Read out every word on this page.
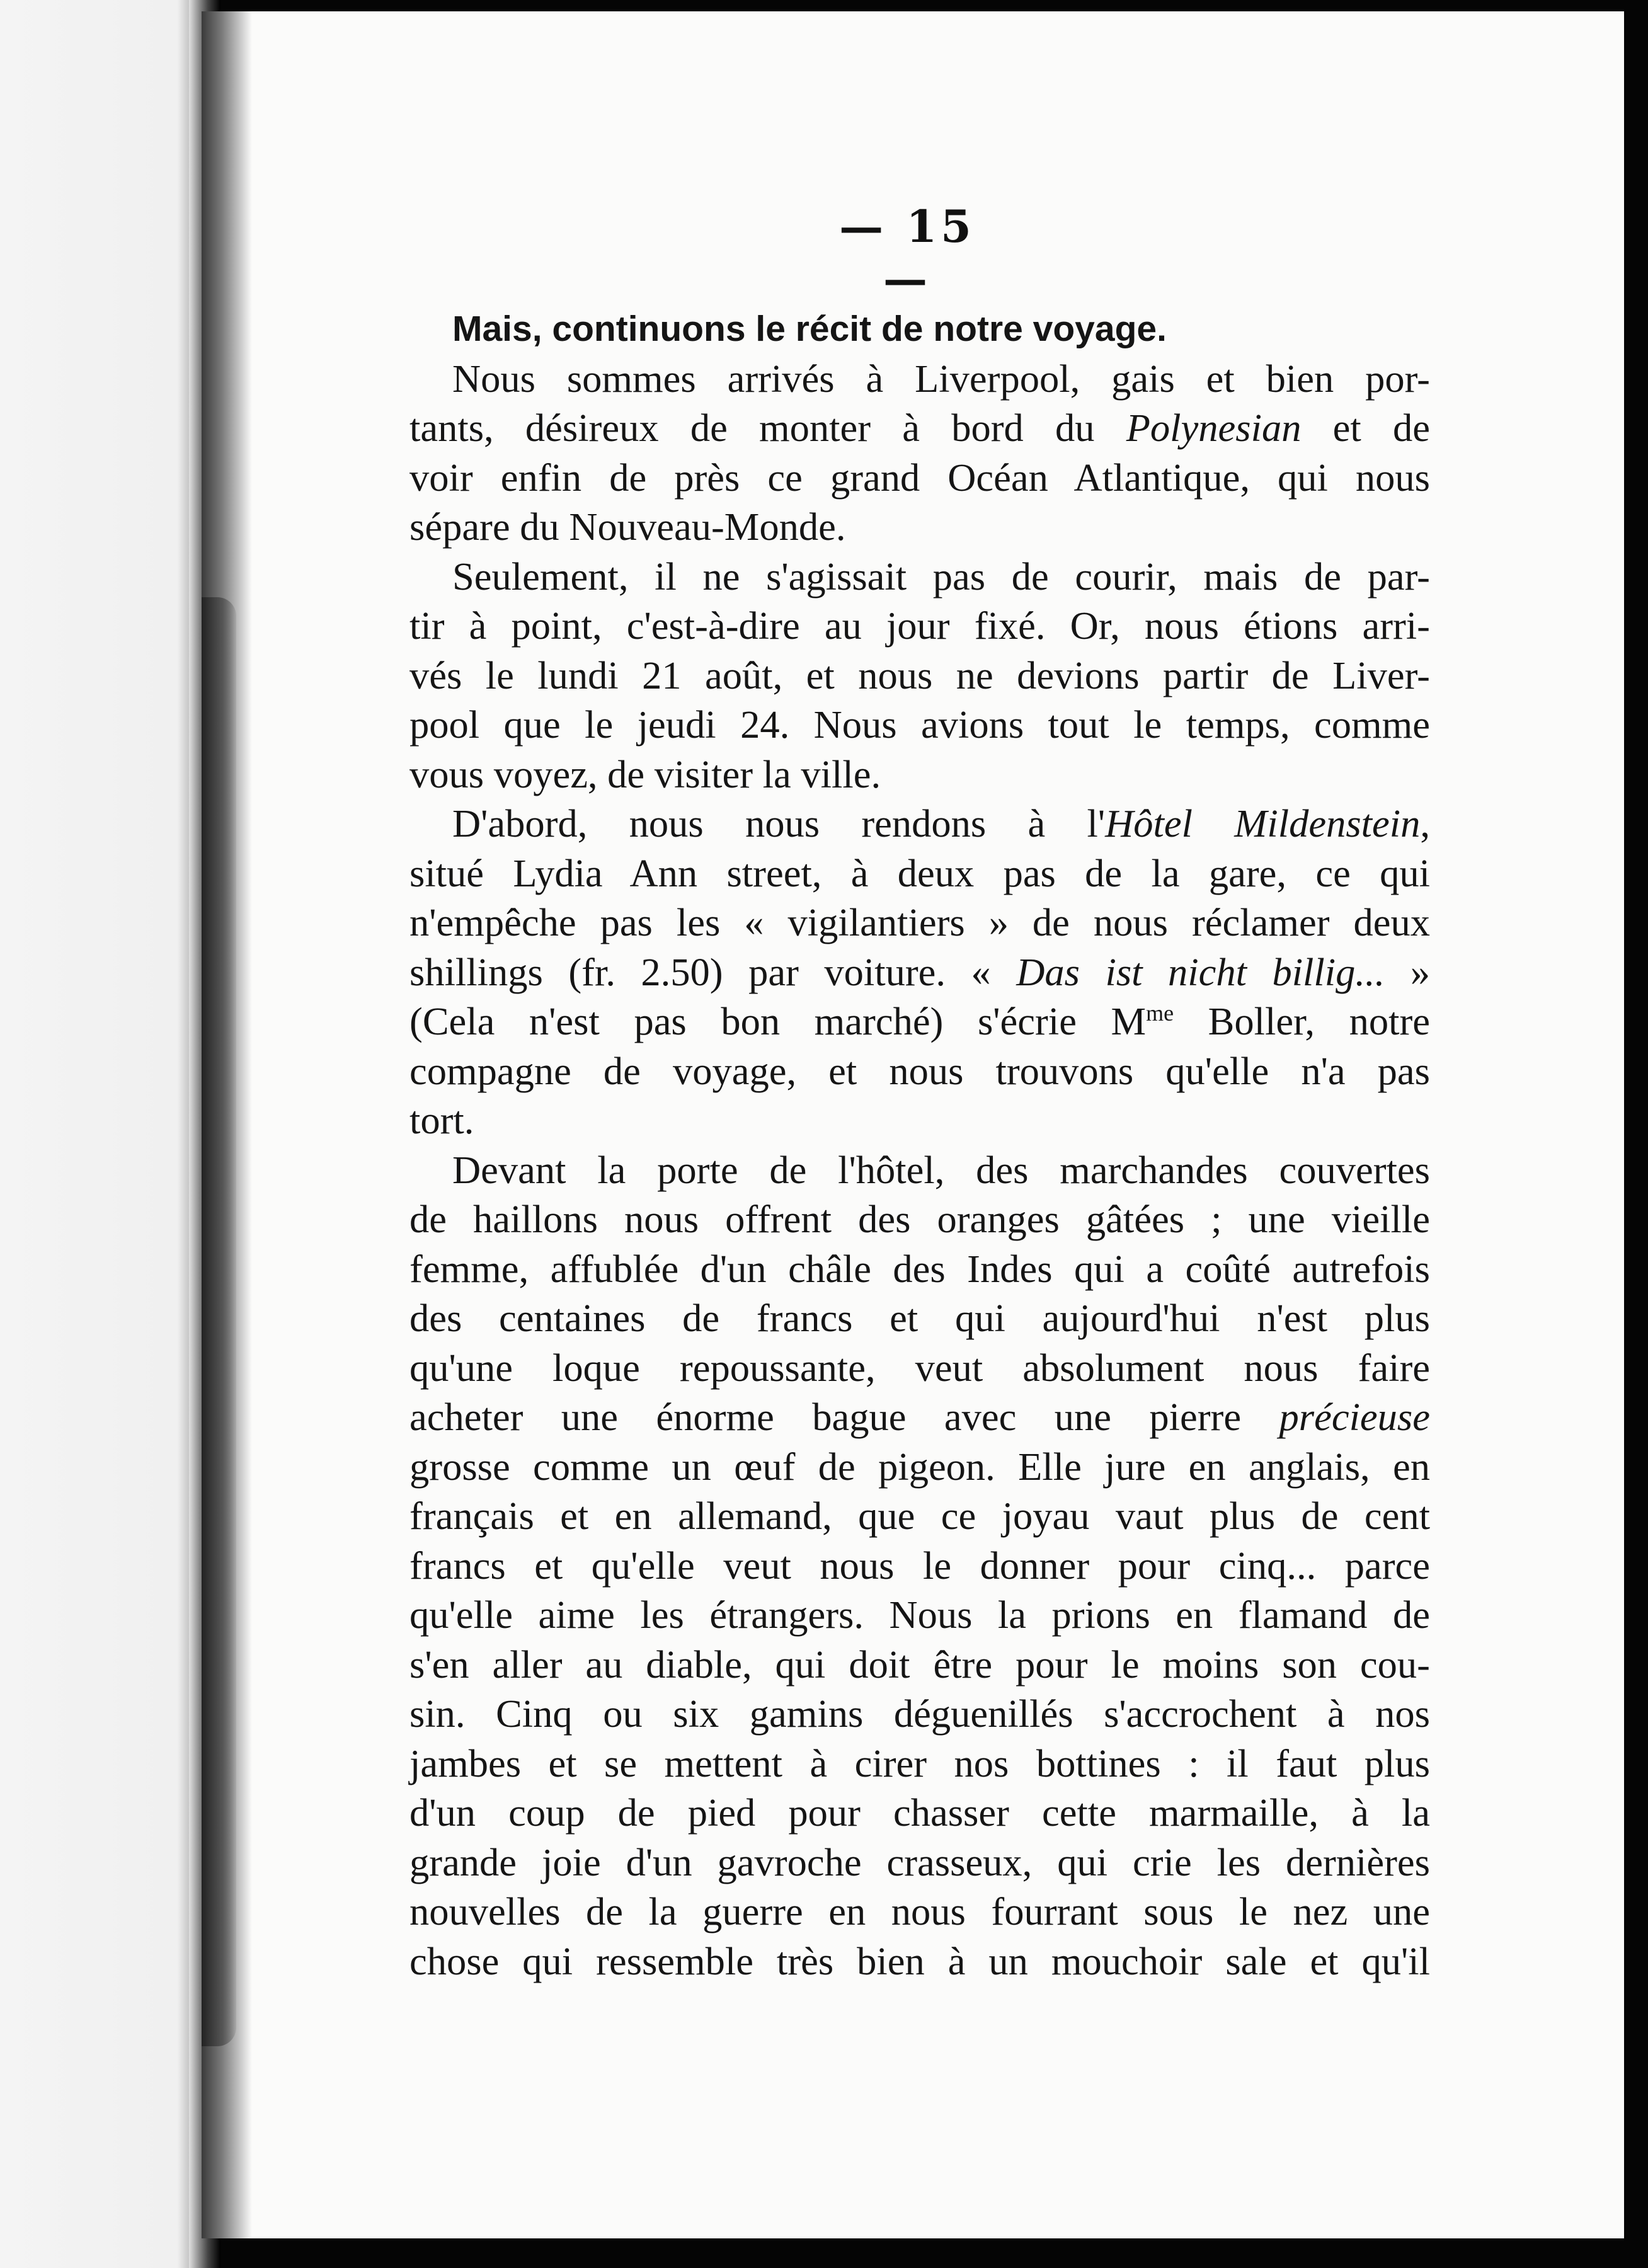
— 15 —
Mais, continuons le récit de notre voyage.
Nous sommes arrivés à Liverpool, gais et bien por-
tants, désireux de monter à bord du Polynesian et de
voir enfin de près ce grand Océan Atlantique, qui nous
sépare du Nouveau-Monde.
Seulement, il ne s'agissait pas de courir, mais de par-
tir à point, c'est-à-dire au jour fixé. Or, nous étions arri-
vés le lundi 21 août, et nous ne devions partir de Liver-
pool que le jeudi 24. Nous avions tout le temps, comme
vous voyez, de visiter la ville.
D'abord, nous nous rendons à l'Hôtel Mildenstein,
situé Lydia Ann street, à deux pas de la gare, ce qui
n'empêche pas les « vigilantiers » de nous réclamer deux
shillings (fr. 2.50) par voiture. « Das ist nicht billig... »
(Cela n'est pas bon marché) s'écrie $M^{me}$ Boller, notre
compagne de voyage, et nous trouvons qu'elle n'a pas
tort.
Devant la porte de l'hôtel, des marchandes couvertes
de haillons nous offrent des oranges gâtées ; une vieille
femme, affublée d'un châle des Indes qui a coûté autrefois
des centaines de francs et qui aujourd'hui n'est plus
qu'une loque repoussante, veut absolument nous faire
acheter une énorme bague avec une pierre précieuse
grosse comme un œuf de pigeon. Elle jure en anglais, en
français et en allemand, que ce joyau vaut plus de cent
francs et qu'elle veut nous le donner pour cinq... parce
qu'elle aime les étrangers. Nous la prions en flamand de
s'en aller au diable, qui doit être pour le moins son cou-
sin. Cinq ou six gamins déguenillés s'accrochent à nos
jambes et se mettent à cirer nos bottines : il faut plus
d'un coup de pied pour chasser cette marmaille, à la
grande joie d'un gavroche crasseux, qui crie les dernières
nouvelles de la guerre en nous fourrant sous le nez une
chose qui ressemble très bien à un mouchoir sale et qu'il
